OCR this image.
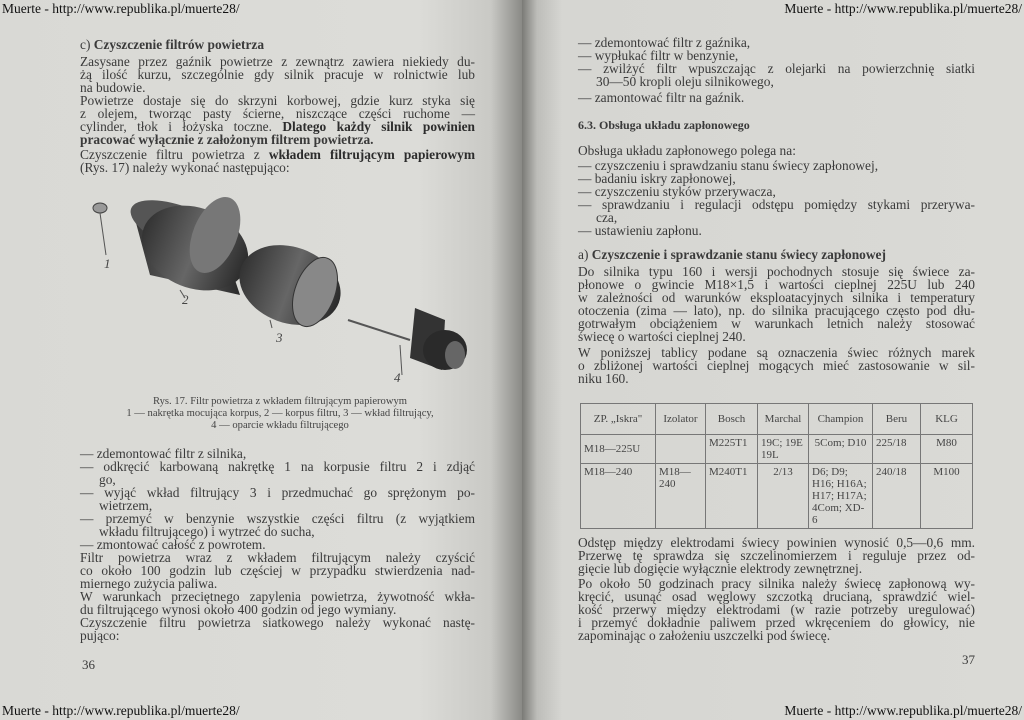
Muerte - http://www.republika.pl/muerte28/	Muerte - http://www.republika.pl/muerte28/
Muerte - http://www.republika.pl/muerte28/	Muerte - http://www.republika.pl/muerte28/
c) Czyszczenie filtrów powietrza
Zasysane przez gaźnik powietrze z zewnątrz zawiera niekiedy du-
żą ilość kurzu, szczególnie gdy silnik pracuje w rolnictwie lub
na budowie.
Powietrze dostaje się do skrzyni korbowej, gdzie kurz styka się
z olejem, tworząc pasty ścierne, niszczące części ruchome —
cylinder, tłok i łożyska toczne. Dlatego każdy silnik powinien
pracować wyłącznie z założonym filtrem powietrza.
Czyszczenie filtru powietrza z wkładem filtrującym papierowym
(Rys. 17) należy wykonać następująco:
1
2
3
4
Rys. 17. Filtr powietrza z wkładem filtrującym papierowym
1 — nakrętka mocująca korpus, 2 — korpus filtru, 3 — wkład filtrujący,
4 — oparcie wkładu filtrującego
— zdemontować filtr z silnika,
— odkręcić karbowaną nakrętkę 1 na korpusie filtru 2 i zdjąć
go,
— wyjąć wkład filtrujący 3 i przedmuchać go sprężonym po-
wietrzem,
— przemyć w benzynie wszystkie części filtru (z wyjątkiem
wkładu filtrującego) i wytrzeć do sucha,
— zmontować całość z powrotem.
Filtr powietrza wraz z wkładem filtrującym należy czyścić
co około 100 godzin lub częściej w przypadku stwierdzenia nad-
miernego zużycia paliwa.
W warunkach przeciętnego zapylenia powietrza, żywotność wkła-
du filtrującego wynosi około 400 godzin od jego wymiany.
Czyszczenie filtru powietrza siatkowego należy wykonać nastę-
pująco:
36
— zdemontować filtr z gaźnika,
— wypłukać filtr w benzynie,
— zwilżyć filtr wpuszczając z olejarki na powierzchnię siatki
30—50 kropli oleju silnikowego,
— zamontować filtr na gaźnik.
6.3. Obsługa układu zapłonowego
Obsługa układu zapłonowego polega na:
— czyszczeniu i sprawdzaniu stanu świecy zapłonowej,
— badaniu iskry zapłonowej,
— czyszczeniu styków przerywacza,
— sprawdzaniu i regulacji odstępu pomiędzy stykami przerywa-
cza,
— ustawieniu zapłonu.
a) Czyszczenie i sprawdzanie stanu świecy zapłonowej
Do silnika typu 160 i wersji pochodnych stosuje się świece za-
płonowe o gwincie M18×1,5 i wartości cieplnej 225U lub 240
w zależności od warunków eksploatacyjnych silnika i temperatury
otoczenia (zima — lato), np. do silnika pracującego często pod dłu-
gotrwałym obciążeniem w warunkach letnich należy stosować
świecę o wartości cieplnej 240.
W poniższej tablicy podane są oznaczenia świec różnych marek
o zbliżonej wartości cieplnej mogących mieć zastosowanie w sil-
niku 160.
ZP. „Iskra"	Izolator	Bosch	Marchal	Champion	Beru	KLG
M18—225U		M225T1	19C; 19E 19L	5Com; D10	225/18	M80
M18—240	M18—240	M240T1	2/13	D6; D9; H16; H16A; H17; H17A; 4Com; XD-6	240/18	M100
Odstęp między elektrodami świecy powinien wynosić 0,5—0,6 mm.
Przerwę tę sprawdza się szczelinomierzem i reguluje przez od-
gięcie lub dogięcie wyłącznie elektrody zewnętrznej.
Po około 50 godzinach pracy silnika należy świecę zapłonową wy-
kręcić, usunąć osad węglowy szczotką drucianą, sprawdzić wiel-
kość przerwy między elektrodami (w razie potrzeby uregulować)
i przemyć dokładnie paliwem przed wkręceniem do głowicy, nie
zapominając o założeniu uszczelki pod świecę.
37
